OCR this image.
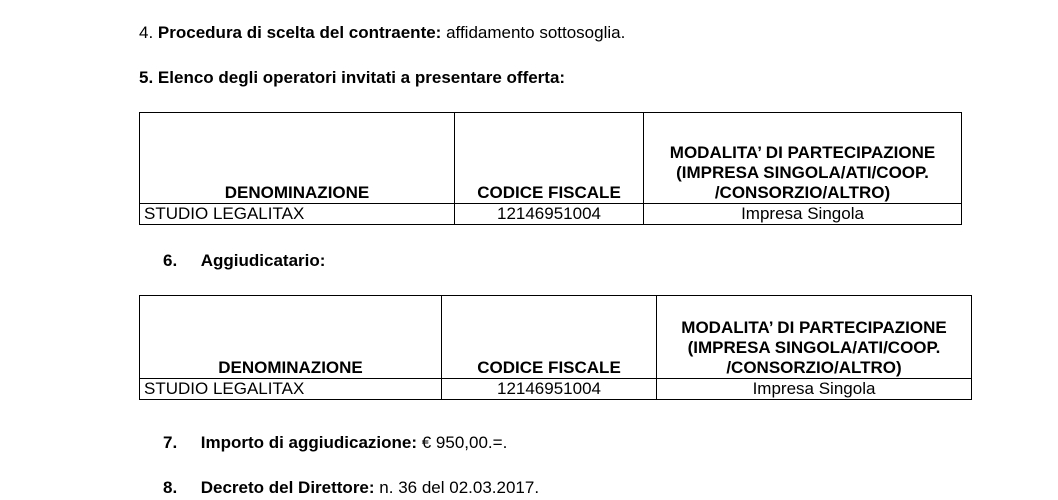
4. Procedura di scelta del contraente: affidamento sottosoglia.
5. Elenco degli operatori invitati a presentare offerta:
DENOMINAZIONE	CODICE FISCALE	MODALITA’ DI PARTECIPAZIONE (IMPRESA SINGOLA/ATI/COOP. /CONSORZIO/ALTRO)
STUDIO LEGALITAX	12146951004	Impresa Singola
6. Aggiudicatario:
DENOMINAZIONE	CODICE FISCALE	MODALITA’ DI PARTECIPAZIONE (IMPRESA SINGOLA/ATI/COOP. /CONSORZIO/ALTRO)
STUDIO LEGALITAX	12146951004	Impresa Singola
7. Importo di aggiudicazione: € 950,00.=.
8. Decreto del Direttore: n. 36 del 02.03.2017.
